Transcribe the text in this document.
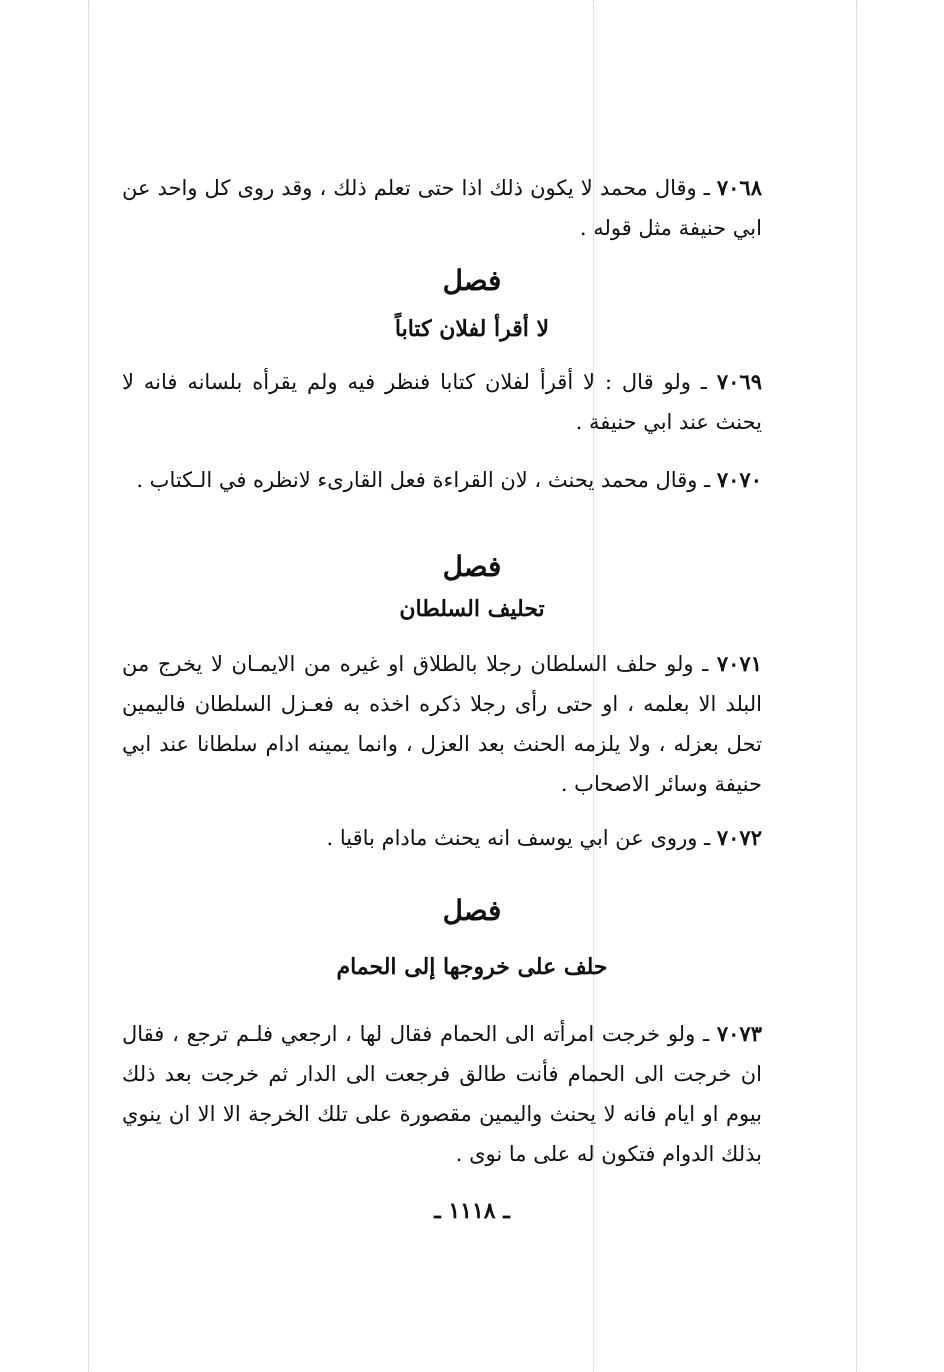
٧٠٦٨ ـ وقال محمد لا يكون ذلك اذا حتى تعلم ذلك ، وقد روى كل واحد عن ابي حنيفة مثل قوله .

فصل
لا أقرأ لفلان كتاباً

٧٠٦٩ ـ ولو قال : لا أقرأ لفلان كتابا فنظر فيه ولم يقرأه بلسانه فانه لا يحنث عند ابي حنيفة .

٧٠٧٠ ـ وقال محمد يحنث ، لان القراءة فعل القارىء لانظره في الـكتاب .

فصل
تحليف السلطان

٧٠٧١ ـ ولو حلف السلطان رجلا بالطلاق او غيره من الايمـان لا يخرج من البلد الا بعلمه ، او حتى رأى رجلا ذكره اخذه به فعـزل السلطان فاليمين تحل بعزله ، ولا يلزمه الحنث بعد العزل ، وانما يمينه ادام سلطانا عند ابي حنيفة وسائر الاصحاب .

٧٠٧٢ ـ وروى عن ابي يوسف انه يحنث مادام باقيا .

فصل
حلف على خروجها إلى الحمام

٧٠٧٣ ـ ولو خرجت امرأته الى الحمام فقال لها ، ارجعي فلـم ترجع ، فقال ان خرجت الى الحمام فأنت طالق فرجعت الى الدار ثم خرجت بعد ذلك بيوم او ايام فانه لا يحنث واليمين مقصورة على تلك الخرجة الا الا ان ينوي بذلك الدوام فتكون له على ما نوى .

ـ ١١١٨ ـ
